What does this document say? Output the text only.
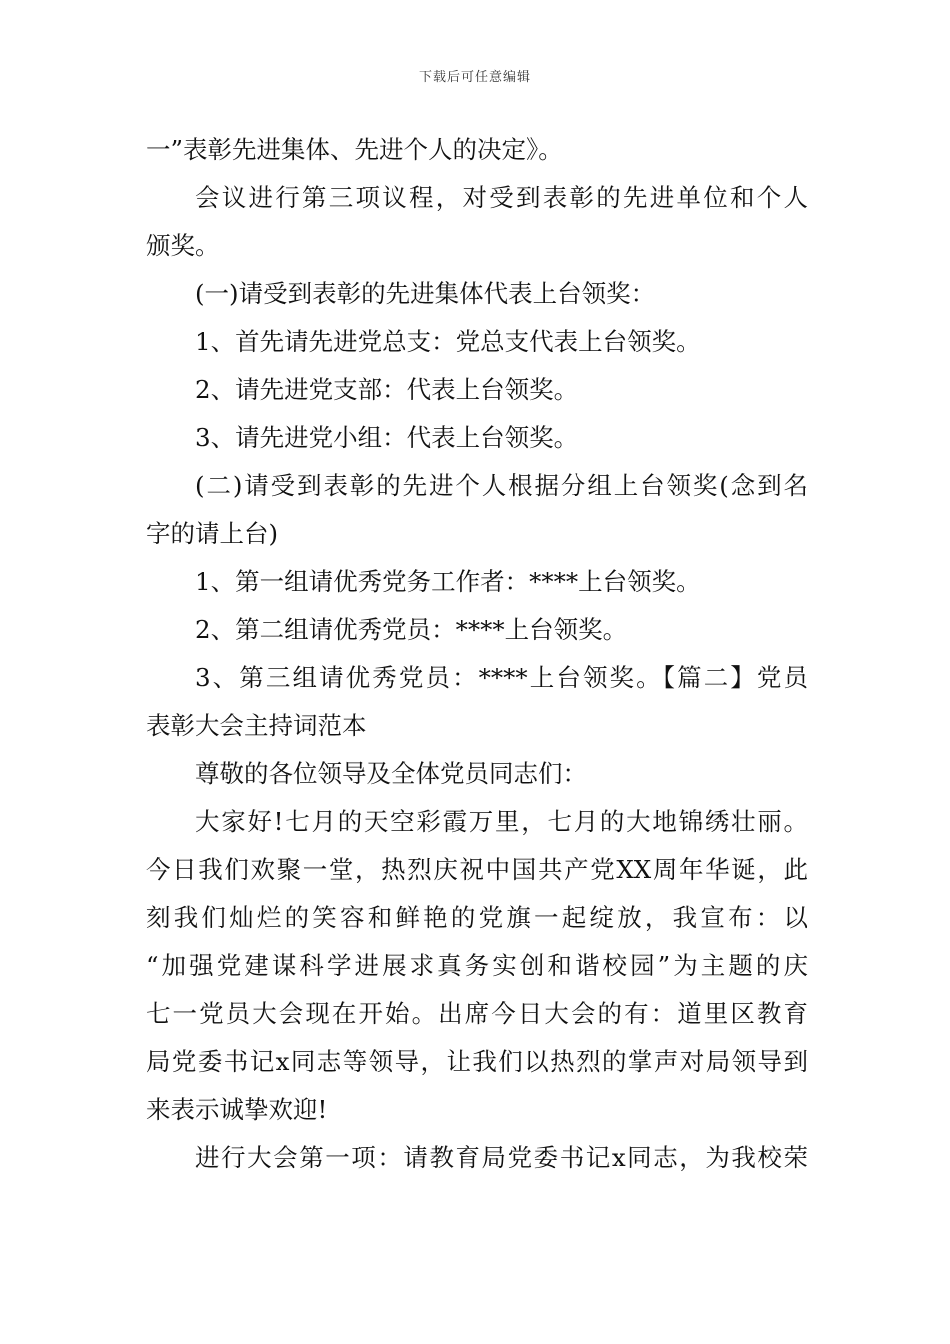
下载后可任意编辑
一”表彰先进集体、先进个人的决定》。
会议进行第三项议程，对受到表彰的先进单位和个人
颁奖。
(一)请受到表彰的先进集体代表上台领奖：
1、首先请先进党总支：党总支代表上台领奖。
2、请先进党支部：代表上台领奖。
3、请先进党小组：代表上台领奖。
(二)请受到表彰的先进个人根据分组上台领奖(念到名
字的请上台)
1、第一组请优秀党务工作者：****上台领奖。
2、第二组请优秀党员：****上台领奖。
3、第三组请优秀党员：****上台领奖。【篇二】党员
表彰大会主持词范本
尊敬的各位领导及全体党员同志们：
大家好!七月的天空彩霞万里，七月的大地锦绣壮丽。
今日我们欢聚一堂，热烈庆祝中国共产党XX周年华诞，此
刻我们灿烂的笑容和鲜艳的党旗一起绽放，我宣布：以
“加强党建谋科学进展求真务实创和谐校园”为主题的庆
七一党员大会现在开始。出席今日大会的有：道里区教育
局党委书记x同志等领导，让我们以热烈的掌声对局领导到
来表示诚挚欢迎!
进行大会第一项：请教育局党委书记x同志，为我校荣
